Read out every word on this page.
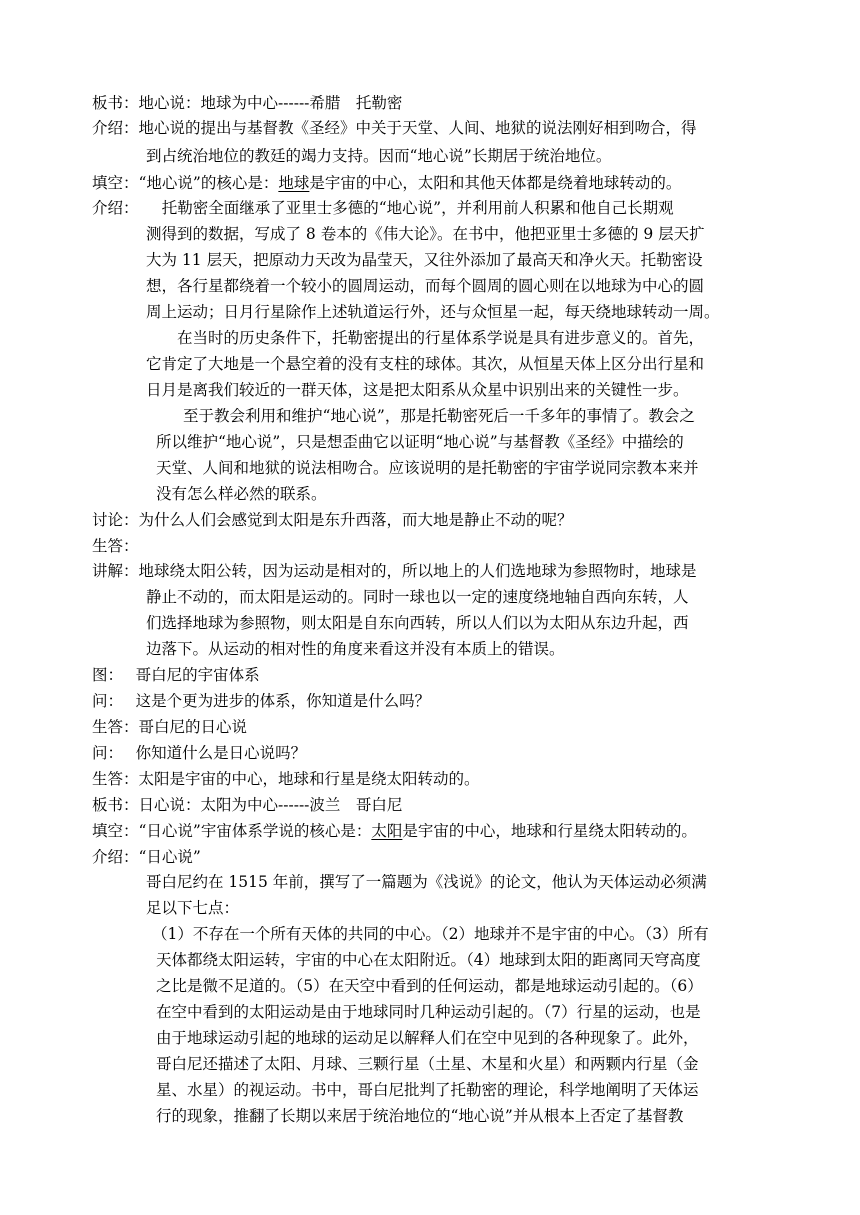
板书：地心说：地球为中心------希腊　托勒密
介绍：地心说的提出与基督教《圣经》中关于天堂、人间、地狱的说法刚好相到吻合，得
到占统治地位的教廷的竭力支持。因而“地心说”长期居于统治地位。
填空：“地心说”的核心是：地球是宇宙的中心，太阳和其他天体都是绕着地球转动的。
介绍：　　托勒密全面继承了亚里士多德的“地心说”，并利用前人积累和他自己长期观
测得到的数据，写成了 8 卷本的《伟大论》。在书中，他把亚里士多德的 9 层天扩
大为 11 层天，把原动力天改为晶莹天，又往外添加了最高天和净火天。托勒密设
想，各行星都绕着一个较小的圆周运动，而每个圆周的圆心则在以地球为中心的圆
周上运动；日月行星除作上述轨道运行外，还与众恒星一起，每天绕地球转动一周。
　　在当时的历史条件下，托勒密提出的行星体系学说是具有进步意义的。首先，
它肯定了大地是一个悬空着的没有支柱的球体。其次，从恒星天体上区分出行星和
日月是离我们较近的一群天体，这是把太阳系从众星中识别出来的关键性一步。
　　至于教会利用和维护“地心说”，那是托勒密死后一千多年的事情了。教会之
所以维护“地心说”，只是想歪曲它以证明“地心说”与基督教《圣经》中描绘的
天堂、人间和地狱的说法相吻合。应该说明的是托勒密的宇宙学说同宗教本来并
没有怎么样必然的联系。
讨论：为什么人们会感觉到太阳是东升西落，而大地是静止不动的呢？
生答：
讲解：地球绕太阳公转，因为运动是相对的，所以地上的人们选地球为参照物时，地球是
静止不动的，而太阳是运动的。同时一球也以一定的速度绕地轴自西向东转，人
们选择地球为参照物，则太阳是自东向西转，所以人们以为太阳从东边升起，西
边落下。从运动的相对性的角度来看这并没有本质上的错误。
图：　 哥白尼的宇宙体系
问：　 这是个更为进步的体系，你知道是什么吗？
生答：哥白尼的日心说
问：　 你知道什么是日心说吗？
生答：太阳是宇宙的中心，地球和行星是绕太阳转动的。
板书：日心说：太阳为中心------波兰　哥白尼
填空：“日心说”宇宙体系学说的核心是：太阳是宇宙的中心，地球和行星绕太阳转动的。
介绍：“日心说”
哥白尼约在 1515 年前，撰写了一篇题为《浅说》的论文，他认为天体运动必须满
足以下七点：
（1）不存在一个所有天体的共同的中心。（2）地球并不是宇宙的中心。（3）所有
天体都绕太阳运转，宇宙的中心在太阳附近。（4）地球到太阳的距离同天穹高度
之比是微不足道的。（5）在天空中看到的任何运动，都是地球运动引起的。（6）
在空中看到的太阳运动是由于地球同时几种运动引起的。（7）行星的运动，也是
由于地球运动引起的地球的运动足以解释人们在空中见到的各种现象了。此外，
哥白尼还描述了太阳、月球、三颗行星（土星、木星和火星）和两颗内行星（金
星、水星）的视运动。书中，哥白尼批判了托勒密的理论，科学地阐明了天体运
行的现象，推翻了长期以来居于统治地位的“地心说”并从根本上否定了基督教
